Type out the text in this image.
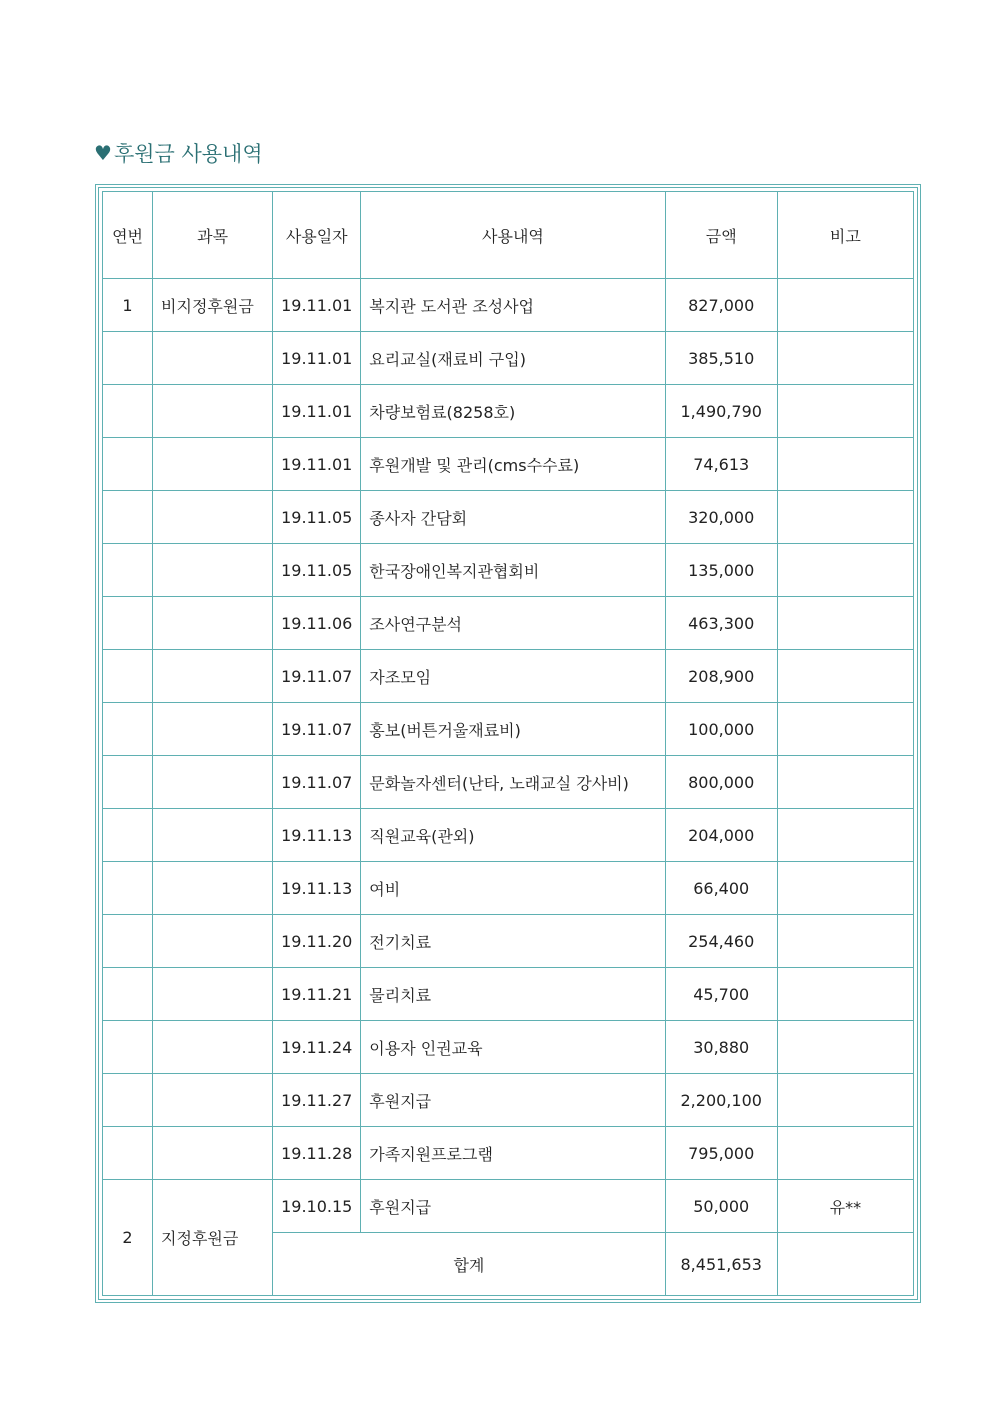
♥ 후원금 사용내역
연번	과목	사용일자	사용내역	금액	비고
1	비지정후원금	19.11.01	복지관 도서관 조성사업	827,000	
		19.11.01	요리교실(재료비 구입)	385,510	
		19.11.01	차량보험료(8258호)	1,490,790	
		19.11.01	후원개발 및 관리(cms수수료)	74,613	
		19.11.05	종사자 간담회	320,000	
		19.11.05	한국장애인복지관협회비	135,000	
		19.11.06	조사연구분석	463,300	
		19.11.07	자조모임	208,900	
		19.11.07	홍보(버튼거울재료비)	100,000	
		19.11.07	문화놀자센터(난타, 노래교실 강사비)	800,000	
		19.11.13	직원교육(관외)	204,000	
		19.11.13	여비	66,400	
		19.11.20	전기치료	254,460	
		19.11.21	물리치료	45,700	
		19.11.24	이용자 인권교육	30,880	
		19.11.27	후원지급	2,200,100	
		19.11.28	가족지원프로그램	795,000	
2	지정후원금	19.10.15	후원지급	50,000	유**
		합계		8,451,653	
